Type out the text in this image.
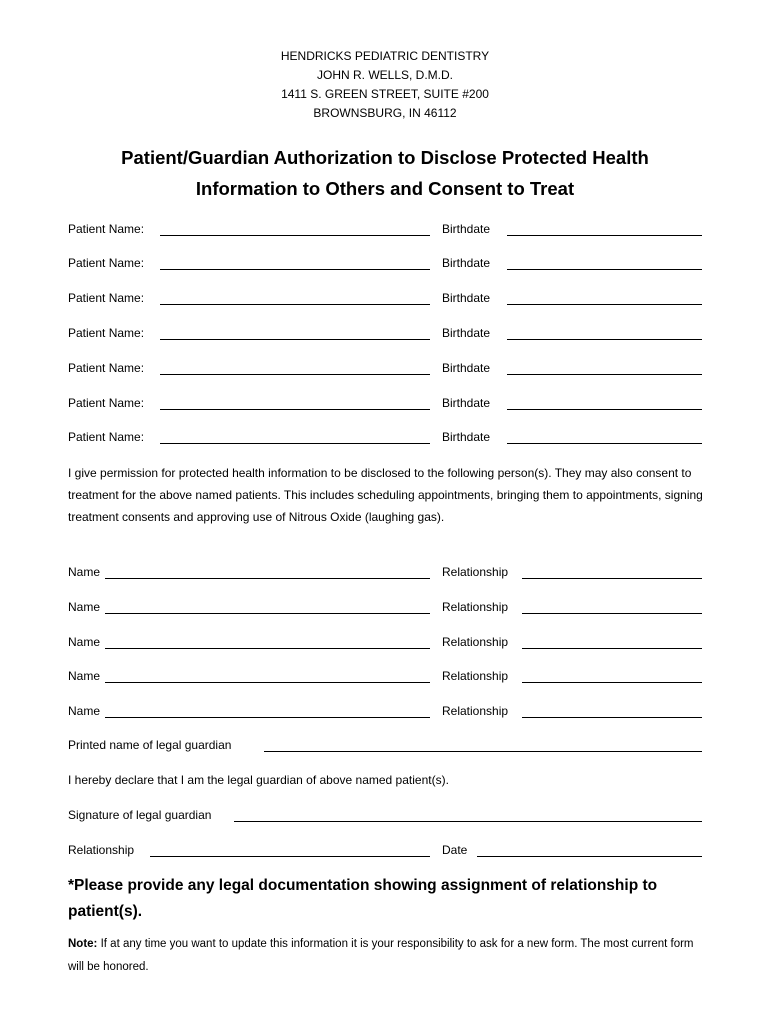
HENDRICKS PEDIATRIC DENTISTRY
JOHN R. WELLS, D.M.D.
1411 S. GREEN STREET, SUITE #200
BROWNSBURG, IN 46112
Patient/Guardian Authorization to Disclose Protected Health
Information to Others and Consent to Treat
Patient Name:	Birthdate
Patient Name:	Birthdate
Patient Name:	Birthdate
Patient Name:	Birthdate
Patient Name:	Birthdate
Patient Name:	Birthdate
Patient Name:	Birthdate
I give permission for protected health information to be disclosed to the following person(s). They may also consent to treatment for the above named patients. This includes scheduling appointments, bringing them to appointments, signing treatment consents and approving use of Nitrous Oxide (laughing gas).
Name	Relationship
Name	Relationship
Name	Relationship
Name	Relationship
Name	Relationship
Printed name of legal guardian
I hereby declare that I am the legal guardian of above named patient(s).
Signature of legal guardian
Relationship	Date
*Please provide any legal documentation showing assignment of relationship to patient(s).
Note: If at any time you want to update this information it is your responsibility to ask for a new form. The most current form will be honored.
